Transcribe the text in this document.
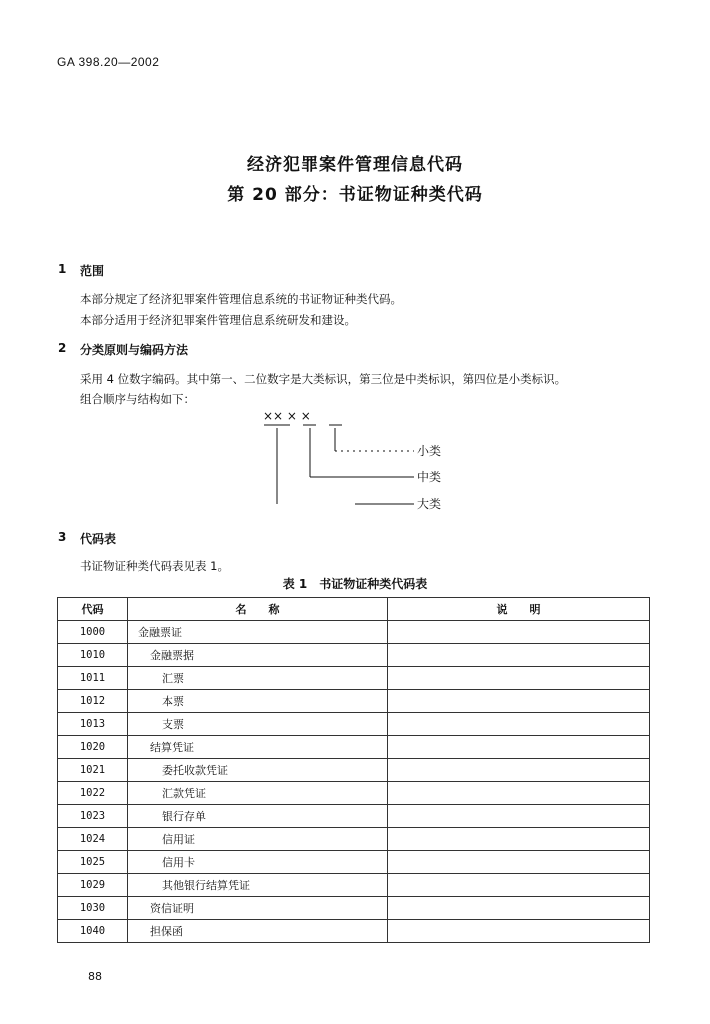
GA 398.20—2002
经济犯罪案件管理信息代码
第 20 部分：书证物证种类代码
1 范围
本部分规定了经济犯罪案件管理信息系统的书证物证种类代码。
本部分适用于经济犯罪案件管理信息系统研发和建设。
2 分类原则与编码方法
采用 4 位数字编码。其中第一、二位数字是大类标识，第三位是中类标识，第四位是小类标识。
组合顺序与结构如下：
×× × ×
小类
中类
大类
3 代码表
书证物证种类代码表见表 1。
表 1　书证物证种类代码表
代码	名　　称	说　　明
1000	金融票证	
1010	金融票据	
1011	汇票	
1012	本票	
1013	支票	
1020	结算凭证	
1021	委托收款凭证	
1022	汇款凭证	
1023	银行存单	
1024	信用证	
1025	信用卡	
1029	其他银行结算凭证	
1030	资信证明	
1040	担保函	
88
